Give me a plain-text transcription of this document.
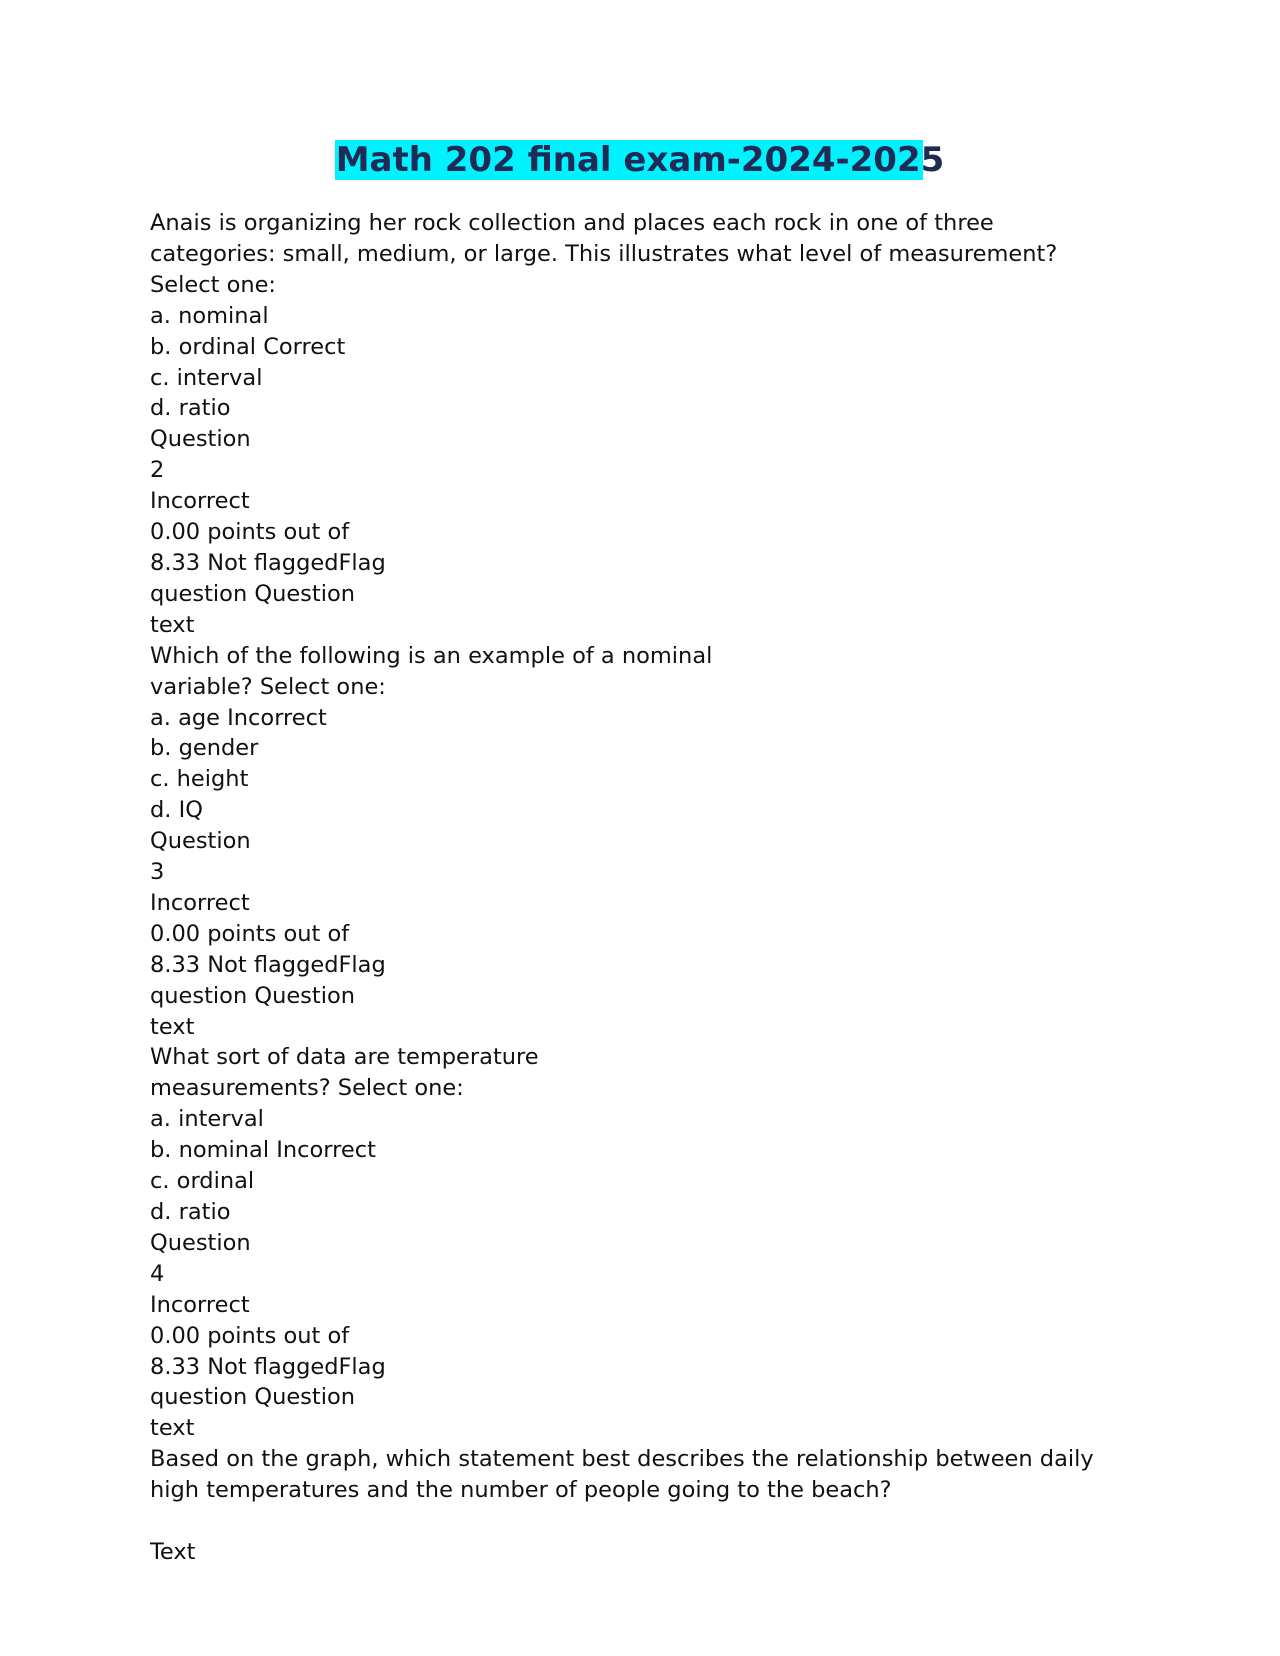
Math 202 final exam-2024-2025
Anais is organizing her rock collection and places each rock in one of three
categories: small, medium, or large. This illustrates what level of measurement?
Select one:
a. nominal
b. ordinal Correct
c. interval
d. ratio
Question
2
Incorrect
0.00 points out of
8.33 Not flaggedFlag
question Question
text
Which of the following is an example of a nominal
variable? Select one:
a. age Incorrect
b. gender
c. height
d. IQ
Question
3
Incorrect
0.00 points out of
8.33 Not flaggedFlag
question Question
text
What sort of data are temperature
measurements? Select one:
a. interval
b. nominal Incorrect
c. ordinal
d. ratio
Question
4
Incorrect
0.00 points out of
8.33 Not flaggedFlag
question Question
text
Based on the graph, which statement best describes the relationship between daily
high temperatures and the number of people going to the beach?
Text
